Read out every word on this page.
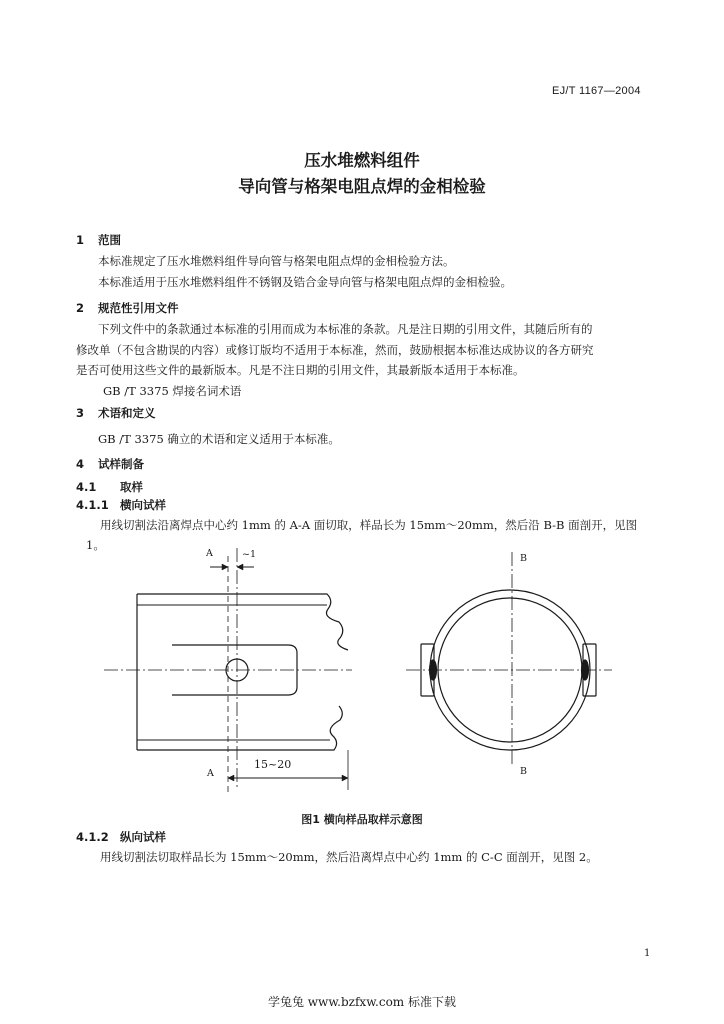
EJ/T 1167—2004
压水堆燃料组件
导向管与格架电阻点焊的金相检验
1 范围
本标准规定了压水堆燃料组件导向管与格架电阻点焊的金相检验方法。
本标准适用于压水堆燃料组件不锈钢及锆合金导向管与格架电阻点焊的金相检验。
2 规范性引用文件
下列文件中的条款通过本标准的引用而成为本标准的条款。凡是注日期的引用文件，其随后所有的
修改单（不包含勘误的内容）或修订版均不适用于本标准，然而，鼓励根据本标准达成协议的各方研究
是否可使用这些文件的最新版本。凡是不注日期的引用文件，其最新版本适用于本标准。
GB /T 3375 焊接名词术语
3 术语和定义
GB /T 3375 确立的术语和定义适用于本标准。
4 试样制备
4.1 取样
4.1.1 横向试样
用线切割法沿离焊点中心约 1mm 的 A-A 面切取，样品长为 15mm～20mm，然后沿 B-B 面剖开，见图
1。
A	~1
A
B
B
15~20
图1 横向样品取样示意图
4.1.2 纵向试样
用线切割法切取样品长为 15mm～20mm，然后沿离焊点中心约 1mm 的 C-C 面剖开，见图 2。
1
学兔兔 www.bzfxw.com 标准下载
